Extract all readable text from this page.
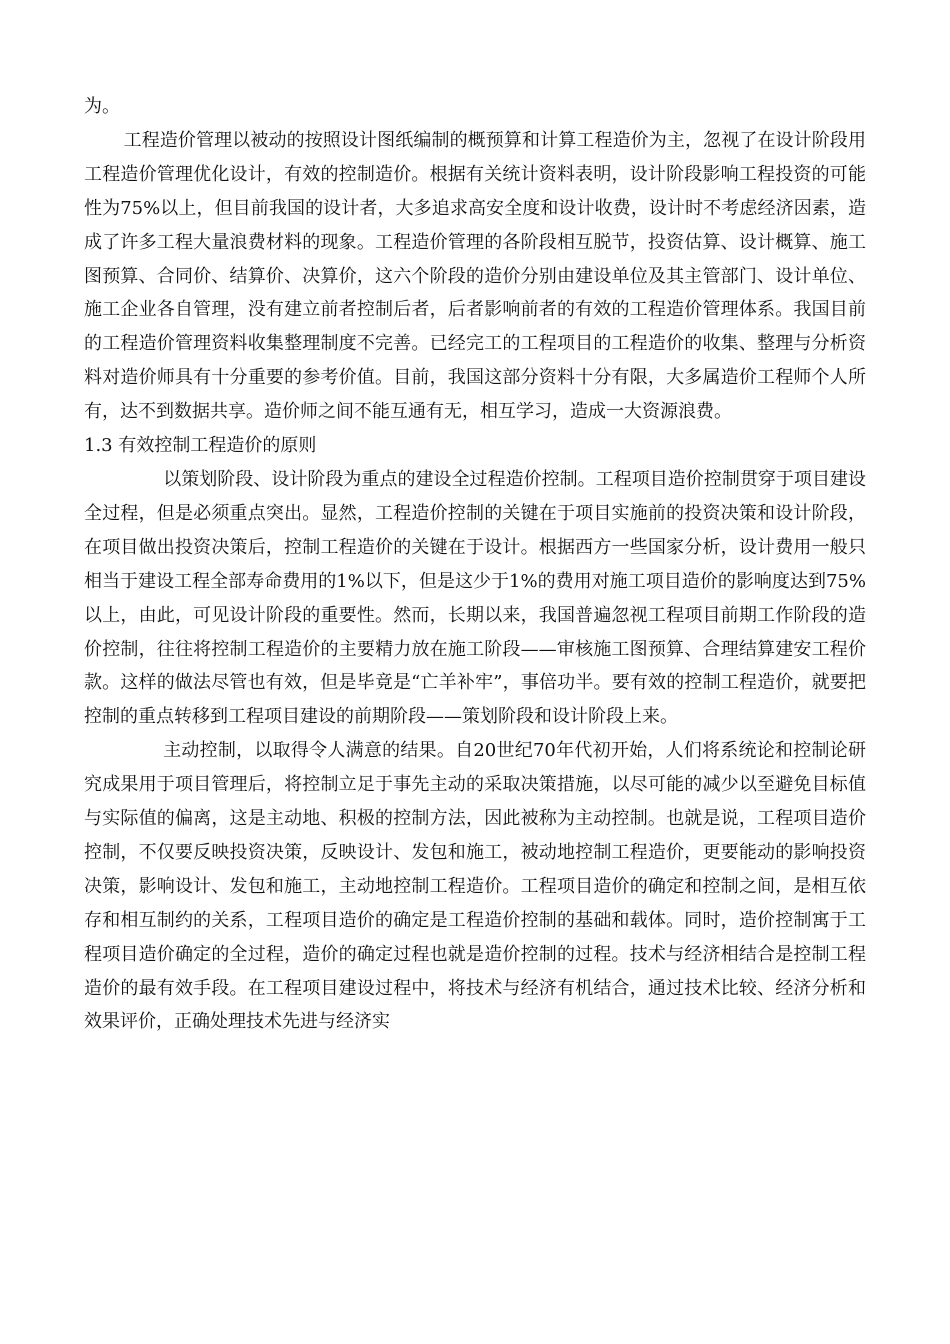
为。

工程造价管理以被动的按照设计图纸编制的概预算和计算工程造价为主，忽视了在设计阶段用工程造价管理优化设计，有效的控制造价。根据有关统计资料表明，设计阶段影响工程投资的可能性为75%以上，但目前我国的设计者，大多追求高安全度和设计收费，设计时不考虑经济因素，造成了许多工程大量浪费材料的现象。工程造价管理的各阶段相互脱节，投资估算、设计概算、施工图预算、合同价、结算价、决算价，这六个阶段的造价分别由建设单位及其主管部门、设计单位、施工企业各自管理，没有建立前者控制后者，后者影响前者的有效的工程造价管理体系。我国目前的工程造价管理资料收集整理制度不完善。已经完工的工程项目的工程造价的收集、整理与分析资料对造价师具有十分重要的参考价值。目前，我国这部分资料十分有限，大多属造价工程师个人所有，达不到数据共享。造价师之间不能互通有无，相互学习，造成一大资源浪费。

1.3 有效控制工程造价的原则

以策划阶段、设计阶段为重点的建设全过程造价控制。工程项目造价控制贯穿于项目建设全过程，但是必须重点突出。显然，工程造价控制的关键在于项目实施前的投资决策和设计阶段，在项目做出投资决策后，控制工程造价的关键在于设计。根据西方一些国家分析，设计费用一般只相当于建设工程全部寿命费用的1%以下，但是这少于1%的费用对施工项目造价的影响度达到75%以上，由此，可见设计阶段的重要性。然而，长期以来，我国普遍忽视工程项目前期工作阶段的造价控制，往往将控制工程造价的主要精力放在施工阶段——审核施工图预算、合理结算建安工程价款。这样的做法尽管也有效，但是毕竟是“亡羊补牢”，事倍功半。要有效的控制工程造价，就要把控制的重点转移到工程项目建设的前期阶段——策划阶段和设计阶段上来。

主动控制，以取得令人满意的结果。自20世纪70年代初开始，人们将系统论和控制论研究成果用于项目管理后，将控制立足于事先主动的采取决策措施，以尽可能的减少以至避免目标值与实际值的偏离，这是主动地、积极的控制方法，因此被称为主动控制。也就是说，工程项目造价控制，不仅要反映投资决策，反映设计、发包和施工，被动地控制工程造价，更要能动的影响投资决策，影响设计、发包和施工，主动地控制工程造价。工程项目造价的确定和控制之间，是相互依存和相互制约的关系，工程项目造价的确定是工程造价控制的基础和载体。同时，造价控制寓于工程项目造价确定的全过程，造价的确定过程也就是造价控制的过程。技术与经济相结合是控制工程造价的最有效手段。在工程项目建设过程中，将技术与经济有机结合，通过技术比较、经济分析和效果评价，正确处理技术先进与经济实
